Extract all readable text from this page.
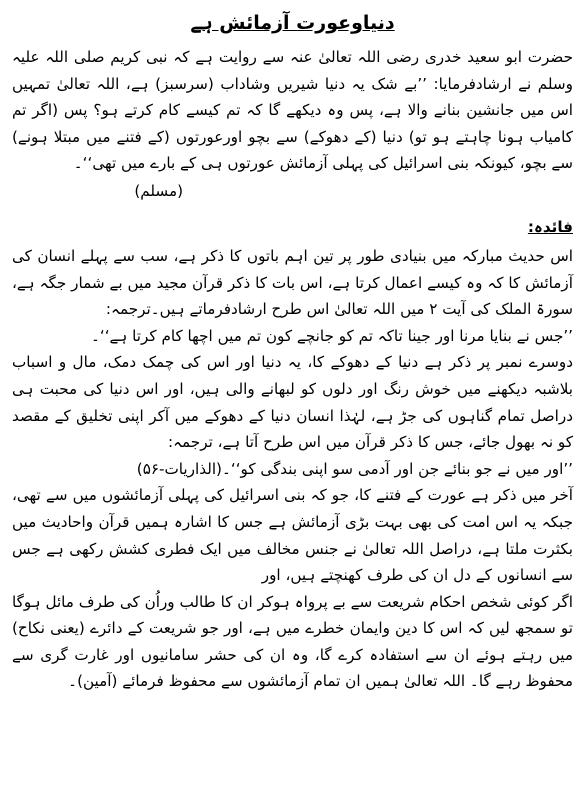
دنیاوعورت آزمائش ہے

حضرت ابو سعید خدری رضی اللہ تعالیٰ عنہ سے روایت ہے کہ نبی کریم صلی اللہ علیہ وسلم نے ارشادفرمایا: ’’بے شک یہ دنیا شیریں وشاداب (سرسبز) ہے، اللہ تعالیٰ تمہیں اس میں جانشین بنانے والا ہے، پس وہ دیکھے گا کہ تم کیسے کام کرتے ہو؟ پس (اگر تم کامیاب ہونا چاہتے ہو تو) دنیا (کے دھوکے) سے بچو اورعورتوں (کے فتنے میں مبتلا ہونے) سے بچو، کیونکہ بنی اسرائیل کی پہلی آزمائش عورتوں ہی کے بارے میں تھی‘‘۔

(مسلم)

فائدہ:

اس حدیث مبارکہ میں بنیادی طور پر تین اہم باتوں کا ذکر ہے، سب سے پہلے انسان کی آزمائش کا کہ وہ کیسے اعمال کرتا ہے، اس بات کا ذکر قرآن مجید میں بے شمار جگہ ہے، سورۃ الملک کی آیت ۲ میں اللہ تعالیٰ اس طرح ارشادفرماتے ہیں۔ترجمہ:

’’جس نے بنایا مرنا اور جینا تاکہ تم کو جانچے کون تم میں اچھا کام کرتا ہے‘‘۔

دوسرے نمبر پر ذکر ہے دنیا کے دھوکے کا، یہ دنیا اور اس کی چمک دمک، مال و اسباب بلاشبہ دیکھنے میں خوش رنگ اور دلوں کو لبھانے والی ہیں، اور اس دنیا کی محبت ہی دراصل تمام گناہوں کی جڑ ہے، لہٰذا انسان دنیا کے دھوکے میں آکر اپنی تخلیق کے مقصد کو نہ بھول جائے، جس کا ذکر قرآن میں اس طرح آتا ہے، ترجمہ:

’’اور میں نے جو بنائے جن اور آدمی سو اپنی بندگی کو‘‘۔(الذاریات-۵۶)

آخر میں ذکر ہے عورت کے فتنے کا، جو کہ بنی اسرائیل کی پہلی آزمائشوں میں سے تھی، جبکہ یہ اس امت کی بھی بہت بڑی آزمائش ہے جس کا اشارہ ہمیں قرآن واحادیث میں بکثرت ملتا ہے، دراصل اللہ تعالیٰ نے جنس مخالف میں ایک فطری کشش رکھی ہے جس سے انسانوں کے دل ان کی طرف کھنچتے ہیں، اور

اگر کوئی شخص احکام شریعت سے بے پرواہ ہوکر ان کا طالب وراُن کی طرف مائل ہوگا تو سمجھ لیں کہ اس کا دین وایمان خطرے میں ہے، اور جو شریعت کے دائرے (یعنی نکاح) میں رہتے ہوئے ان سے استفادہ کرے گا، وہ ان کی حشر سامانیوں اور غارت گری سے محفوظ رہے گا۔ اللہ تعالیٰ ہمیں ان تمام آزمائشوں سے محفوظ فرمائے (آمین)۔
